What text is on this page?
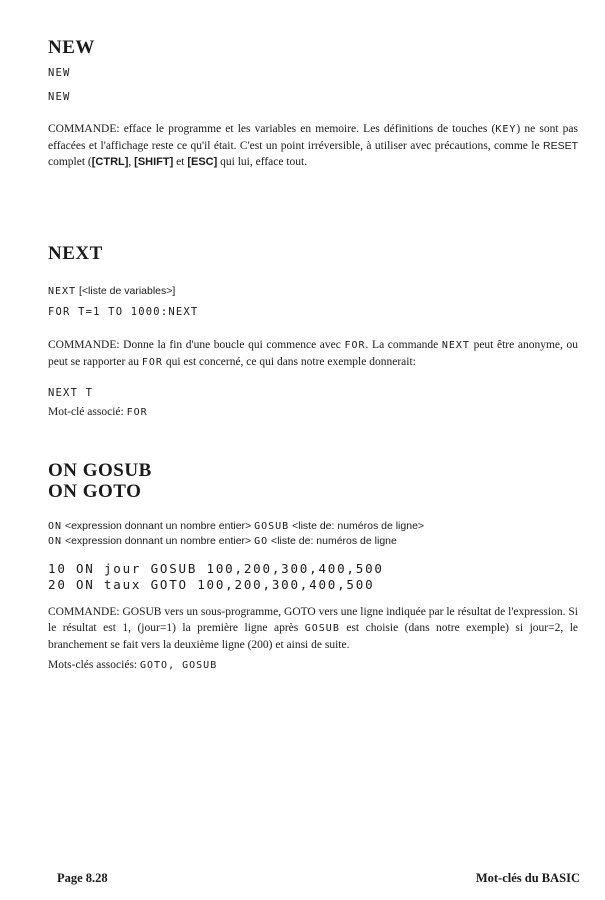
NEW
NEW
NEW

COMMANDE: efface le programme et les variables en memoire. Les définitions de touches (KEY) ne sont pas effacées et l'affichage reste ce qu'il était. C'est un point irréversible, à utiliser avec précautions, comme le RESET complet ([CTRL], [SHIFT] et [ESC] qui lui, efface tout.

NEXT
NEXT [<liste de variables>]
FOR T=1 TO 1000:NEXT

COMMANDE: Donne la fin d'une boucle qui commence avec FOR. La commande NEXT peut être anonyme, ou peut se rapporter au FOR qui est concerné, ce qui dans notre exemple donnerait:

NEXT T
Mot-clé associé: FOR
ON GOSUB
ON GOTO
ON <expression donnant un nombre entier> GOSUB <liste de: numéros de ligne>
ON <expression donnant un nombre entier> GO <liste de: numéros de ligne
10 ON jour GOSUB 100,200,300,400,500
20 ON taux GOTO 100,200,300,400,500

COMMANDE: GOSUB vers un sous-programme, GOTO vers une ligne indiquée par le résultat de l'expression. Si le résultat est 1, (jour=1) la première ligne après GOSUB est choisie (dans notre exemple) si jour=2, le branchement se fait vers la deuxième ligne (200) et ainsi de suite.

Mots-clés associés: GOTO, GOSUB
Page 8.28	Mot-clés du BASIC
